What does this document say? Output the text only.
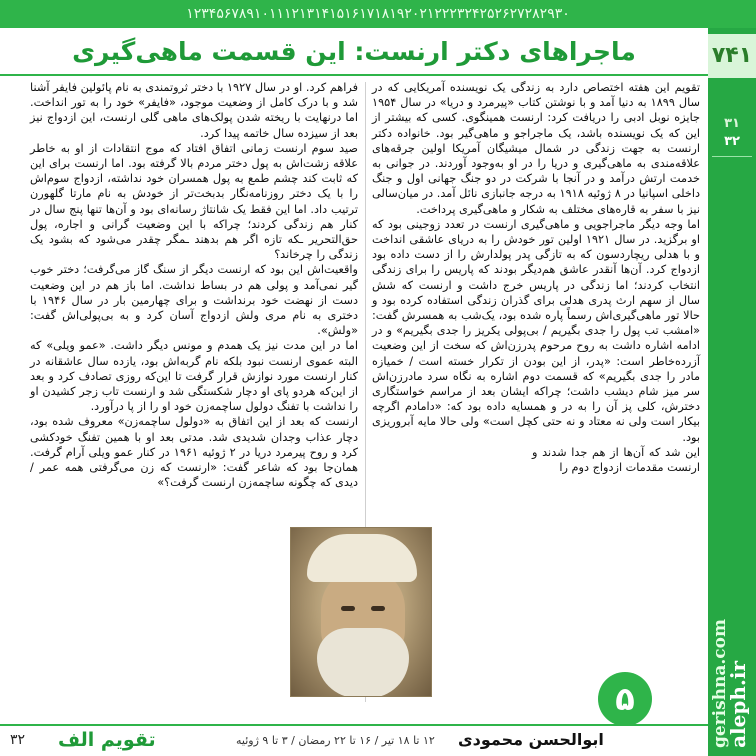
۱۲۳۴۵۶۷۸۹۱۰۱۱۱۲۱۳۱۴۱۵۱۶۱۷۱۸۱۹۲۰۲۱۲۲۲۳۲۴۲۵۲۶۲۷۲۸۲۹۳۰
۷۴۱
۳۱
۳۲
gerishna.com
aleph.ir
ماجراهای دکتر ارنست: این قسمت ماهی‌گیری

تقویم این هفته اختصاص دارد به زندگی یک نویسنده آمریکایی که در سال ۱۸۹۹ به دنیا آمد و با نوشتن کتاب «پیرمرد و دریا» در سال ۱۹۵۴ جایزه نوبل ادبی را دریافت کرد: ارنست همینگوی. کسی که بیشتر از این که یک نویسنده باشد، یک ماجراجو و ماهی‌گیر بود. خانواده دکتر ارنست به جهت زندگی در شمال میشیگان آمریکا اولین جرقه‌های علاقه‌مندی به ماهی‌گیری و دریا را در او به‌وجود آوردند. در جوانی به خدمت ارتش درآمد و در آنجا با شرکت در دو جنگ جهانی اول و جنگ داخلی اسپانیا در ۸ ژوئیه ۱۹۱۸ به درجه جانبازی نائل آمد. در میان‌سالی نیز با سفر به قاره‌های مختلف به شکار و ماهی‌گیری پرداخت.

اما وجه دیگر ماجراجویی و ماهی‌گیری ارنست در تعدد زوجینی بود که او برگزید. در سال ۱۹۲۱ اولین تور خودش را به دریای عاشقی انداخت و با هدلی ریچاردسون که به تازگی پدر پولدارش را از دست داده بود ازدواج کرد. آن‌ها آنقدر عاشق هم‌دیگر بودند که پاریس را برای زندگی انتخاب کردند؛ اما زندگی در پاریس خرج داشت و ارنست که شش سال از سهم ارث پدری هدلی برای گذران زندگی استفاده کرده بود و حالا تور ماهی‌گیری‌اش رسماً پاره شده بود، یک‌شب به همسرش گفت: «امشب تب پول را جدی بگیریم / بی‌پولی یکریز را جدی بگیریم» و در ادامه اشاره داشت به روح مرحوم پدرزن‌اش که سخت از این وضعیت آزرده‌خاطر است: «پدر، از این بودن از تکرار خسته‌ است / خمیازه مادر را جدی بگیریم» که قسمت دوم اشاره به نگاه سرد مادرزن‌اش سر میز شام دیشب داشت؛ چراکه ایشان بعد از مراسم خواستگاری دخترش، کلی پز آن را به در و همسایه داده بود که: «دامادم اگرچه بیکار است ولی نه معتاد و نه حتی کچل است» ولی حالا مایه آبروریزی بود.

این شد که آن‌ها از هم جدا شدند و ارنست مقدمات ازدواج دوم را

فراهم کرد. او در سال ۱۹۲۷ با دختر ثروتمندی به نام پائولین فایفر آشنا شد و با درک کامل از وضعیت موجود، «فایفر» خود را به تور انداخت. اما درنهایت با ریخته شدن پولک‌های ماهی گلی ارنست، این ازدواج نیز بعد از سیزده سال خاتمه پیدا کرد.

صید سوم ارنست زمانی اتفاق افتاد که موج انتقادات از او به خاطر علاقه زشت‌اش به پول دختر مردم بالا گرفته بود. اما ارنست برای این که ثابت کند چشم طمع به پول همسران خود نداشته، ازدواج سوم‌اش را با یک دختر روزنامه‌نگار بدبخت‌تر از خودش به نام مارتا گلهورن ترتیب داد. اما این فقط یک شانتاژ رسانه‌ای بود و آن‌ها تنها پنج سال در کنار هم زندگی کردند؛ چراکه با این وضعیت گرانی و اجاره، پول حق‌التحریر ـکه تازه اگر هم بدهند ـمگر چقدر می‌شود که بشود یک زندگی را چرخاند؟

واقعیت‌اش این بود که ارنست دیگر از سنگ گاز می‌گرفت؛ دختر خوب گیر نمی‌آمد و پولی هم در بساط نداشت. اما باز هم در این وضعیت دست از نهضت خود برنداشت و برای چهارمین بار در سال ۱۹۴۶ با دختری به نام مری ولش ازدواج آسان کرد و به بی‌پولی‌اش گفت: «ولش».

اما در این مدت نیز یک همدم و مونس دیگر داشت. «عمو ویلی» که البته عموی ارنست نبود بلکه نام گربه‌اش بود، یازده سال عاشقانه در کنار ارنست مورد نوازش قرار گرفت تا این‌که روزی تصادف کرد و بعد از این‌که هردو پای او دچار شکستگی شد و ارنست تاب زجر کشیدن او را نداشت با تفنگ دولول ساچمه‌زن خود او را از پا درآورد.

ارنست که بعد از این اتفاق به «دولول ساچمه‌زن» معروف شده بود، دچار عذاب وجدان شدیدی شد. مدتی بعد او با همین تفنگ خودکشی کرد و روح پیرمرد دریا در ۲ ژوئیه ۱۹۶۱ در کنار عمو ویلی آرام گرفت. همان‌جا بود که شاعر گفت: «ارنست که زن می‌گرفتی همه عمر / دیدی که چگونه ساچمه‌زن ارنست گرفت؟»

۵
۳۲ تقویم الف	۱۲ تا ۱۸ تیر / ۱۶ تا ۲۲ رمضان / ۳ تا ۹ ژوئیه ابوالحسن محمودی
